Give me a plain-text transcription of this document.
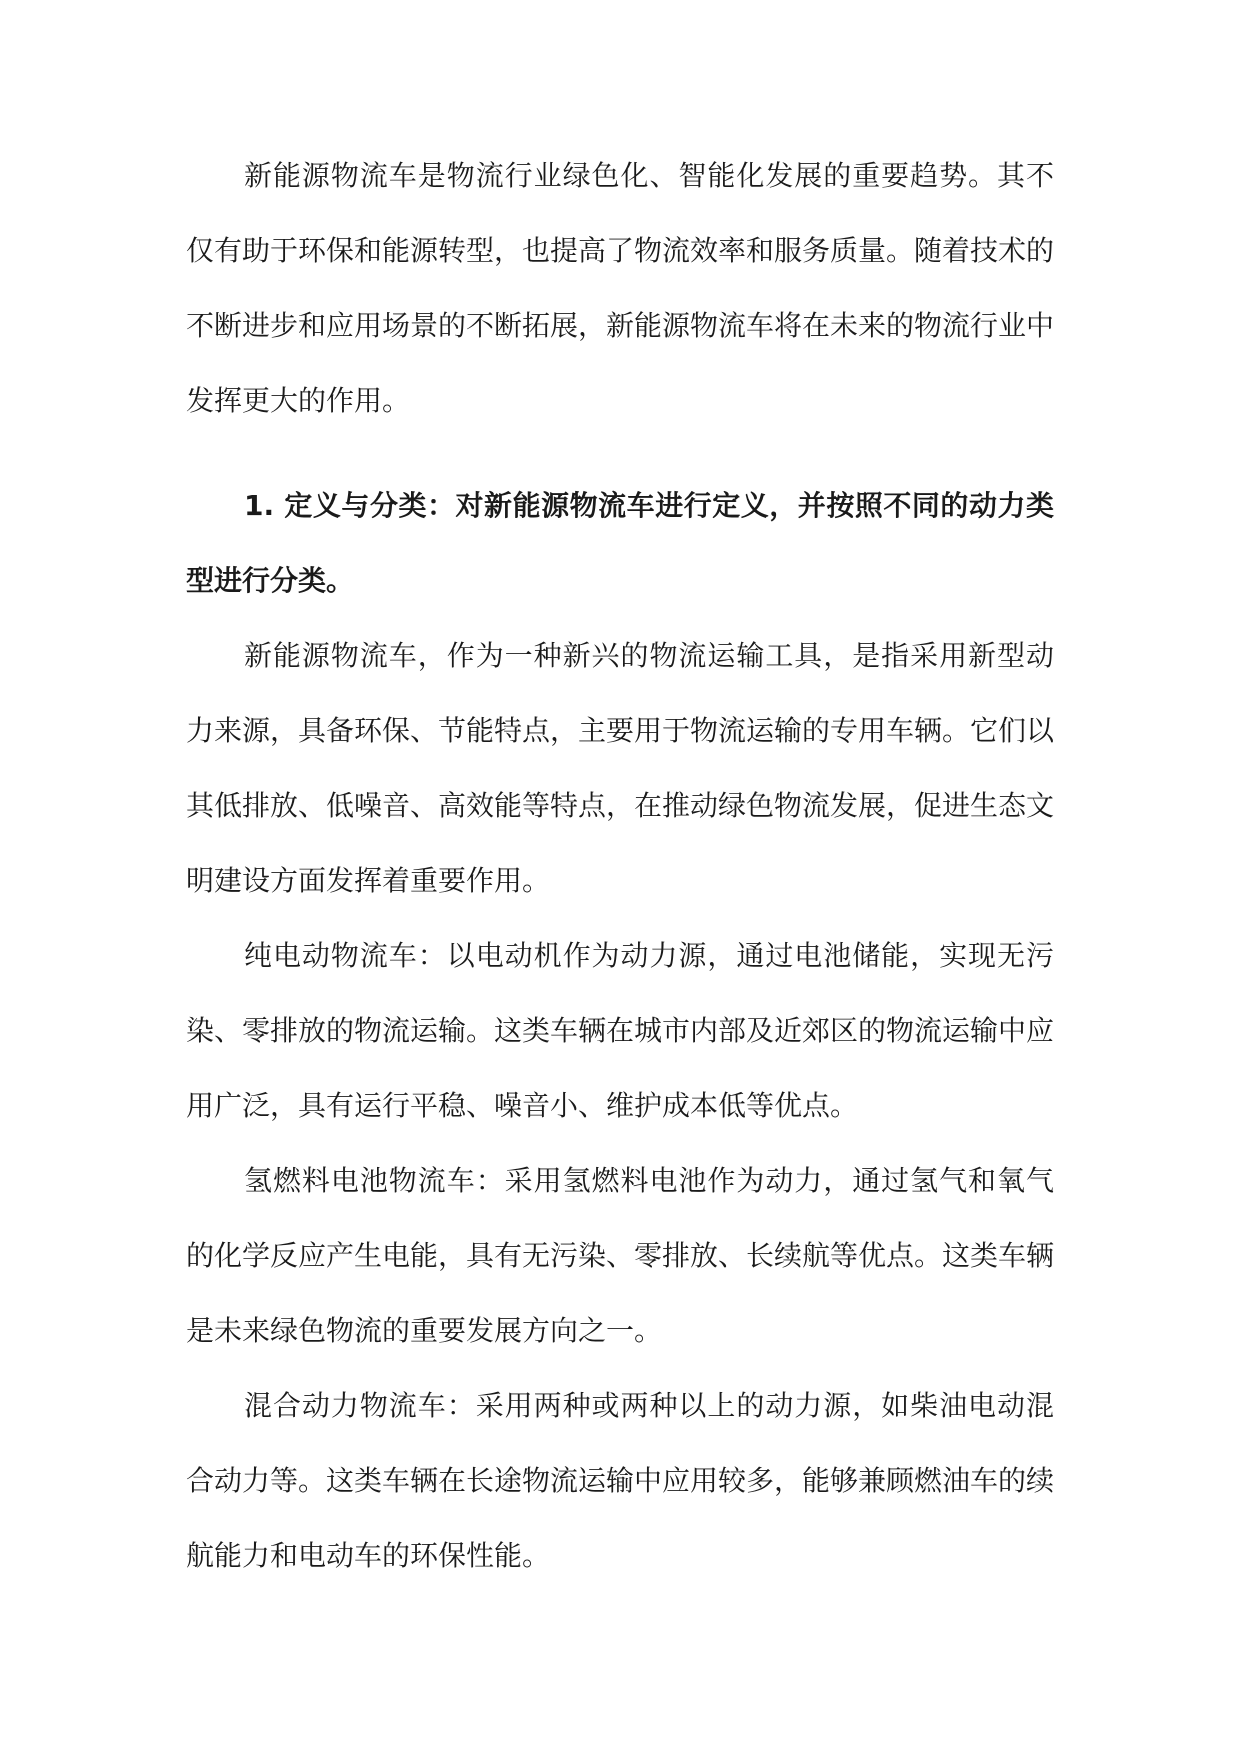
新能源物流车是物流行业绿色化、智能化发展的重要趋势。其不仅有助于环保和能源转型，也提高了物流效率和服务质量。随着技术的不断进步和应用场景的不断拓展，新能源物流车将在未来的物流行业中发挥更大的作用。

1. 定义与分类：对新能源物流车进行定义，并按照不同的动力类型进行分类。

新能源物流车，作为一种新兴的物流运输工具，是指采用新型动力来源，具备环保、节能特点，主要用于物流运输的专用车辆。它们以其低排放、低噪音、高效能等特点，在推动绿色物流发展，促进生态文明建设方面发挥着重要作用。

纯电动物流车：以电动机作为动力源，通过电池储能，实现无污染、零排放的物流运输。这类车辆在城市内部及近郊区的物流运输中应用广泛，具有运行平稳、噪音小、维护成本低等优点。

氢燃料电池物流车：采用氢燃料电池作为动力，通过氢气和氧气的化学反应产生电能，具有无污染、零排放、长续航等优点。这类车辆是未来绿色物流的重要发展方向之一。

混合动力物流车：采用两种或两种以上的动力源，如柴油电动混合动力等。这类车辆在长途物流运输中应用较多，能够兼顾燃油车的续航能力和电动车的环保性能。
